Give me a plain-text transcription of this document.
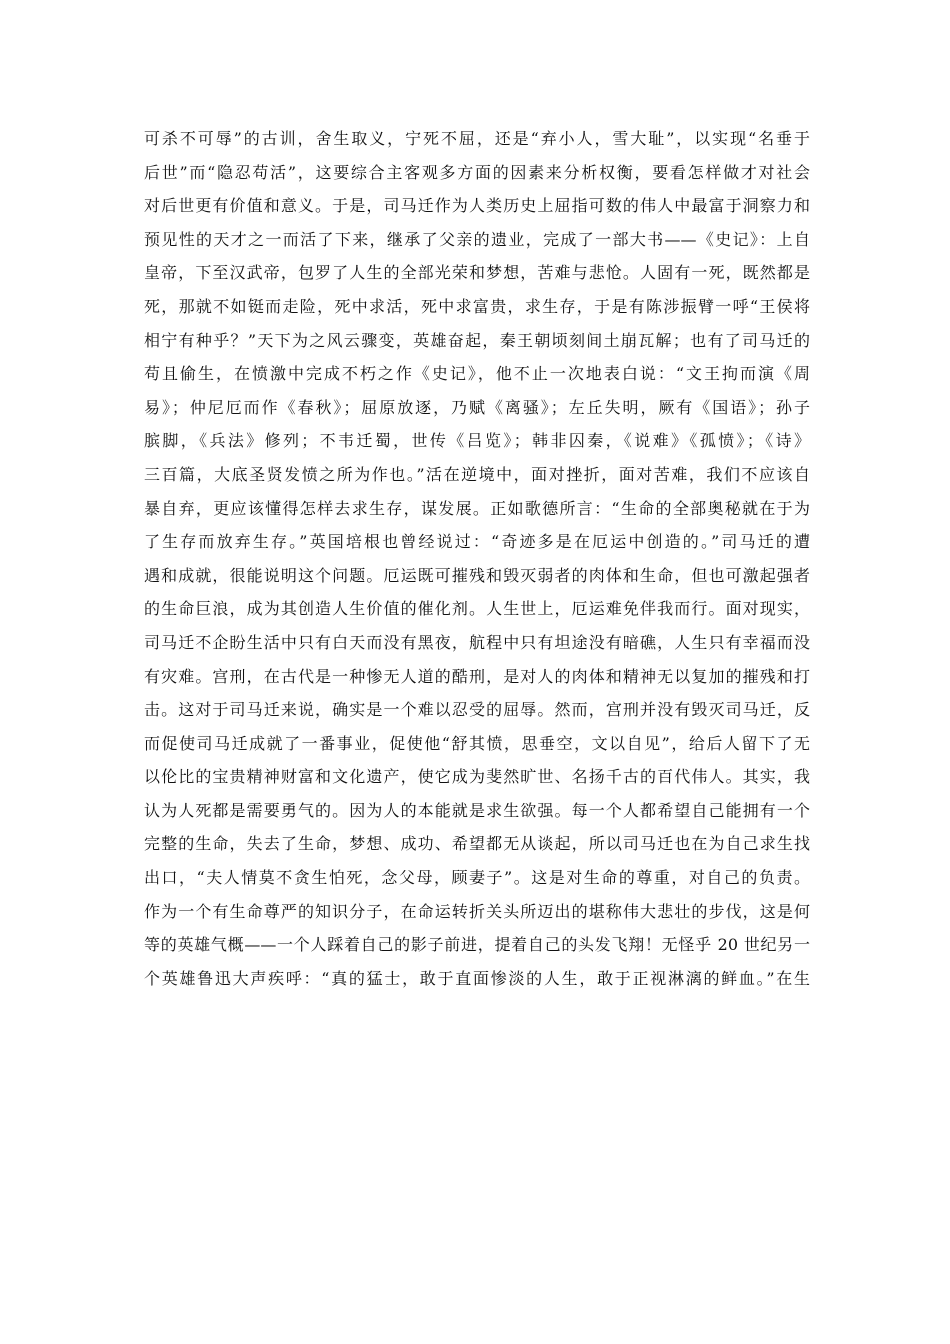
可杀不可辱”的古训，舍生取义，宁死不屈，还是“弃小人，雪大耻”，以实现“名垂于
后世”而“隐忍苟活”，这要综合主客观多方面的因素来分析权衡，要看怎样做才对社会
对后世更有价值和意义。于是，司马迁作为人类历史上屈指可数的伟人中最富于洞察力和
预见性的天才之一而活了下来，继承了父亲的遗业，完成了一部大书——《史记》：上自
皇帝，下至汉武帝，包罗了人生的全部光荣和梦想，苦难与悲怆。人固有一死，既然都是
死，那就不如铤而走险，死中求活，死中求富贵，求生存，于是有陈涉振臂一呼“王侯将
相宁有种乎？”天下为之风云骤变，英雄奋起，秦王朝顷刻间土崩瓦解；也有了司马迁的
苟且偷生，在愤激中完成不朽之作《史记》，他不止一次地表白说：“文王拘而演《周
易》；仲尼厄而作《春秋》；屈原放逐，乃赋《离骚》；左丘失明，厥有《国语》；孙子
膑脚，《兵法》修列；不韦迁蜀，世传《吕览》；韩非囚秦，《说难》《孤愤》；《诗》
三百篇，大底圣贤发愤之所为作也。”活在逆境中，面对挫折，面对苦难，我们不应该自
暴自弃，更应该懂得怎样去求生存，谋发展。正如歌德所言：“生命的全部奥秘就在于为
了生存而放弃生存。”英国培根也曾经说过：“奇迹多是在厄运中创造的。”司马迁的遭
遇和成就，很能说明这个问题。厄运既可摧残和毁灭弱者的肉体和生命，但也可激起强者
的生命巨浪，成为其创造人生价值的催化剂。人生世上，厄运难免伴我而行。面对现实，
司马迁不企盼生活中只有白天而没有黑夜，航程中只有坦途没有暗礁，人生只有幸福而没
有灾难。宫刑，在古代是一种惨无人道的酷刑，是对人的肉体和精神无以复加的摧残和打
击。这对于司马迁来说，确实是一个难以忍受的屈辱。然而，宫刑并没有毁灭司马迁，反
而促使司马迁成就了一番事业，促使他“舒其愤，思垂空，文以自见”，给后人留下了无
以伦比的宝贵精神财富和文化遗产，使它成为斐然旷世、名扬千古的百代伟人。其实，我
认为人死都是需要勇气的。因为人的本能就是求生欲强。每一个人都希望自己能拥有一个
完整的生命，失去了生命，梦想、成功、希望都无从谈起，所以司马迁也在为自己求生找
出口，“夫人情莫不贪生怕死，念父母，顾妻子”。这是对生命的尊重，对自己的负责。
作为一个有生命尊严的知识分子，在命运转折关头所迈出的堪称伟大悲壮的步伐，这是何
等的英雄气概——一个人踩着自己的影子前进，提着自己的头发飞翔！无怪乎 20 世纪另一
个英雄鲁迅大声疾呼：“真的猛士，敢于直面惨淡的人生，敢于正视淋漓的鲜血。”在生
